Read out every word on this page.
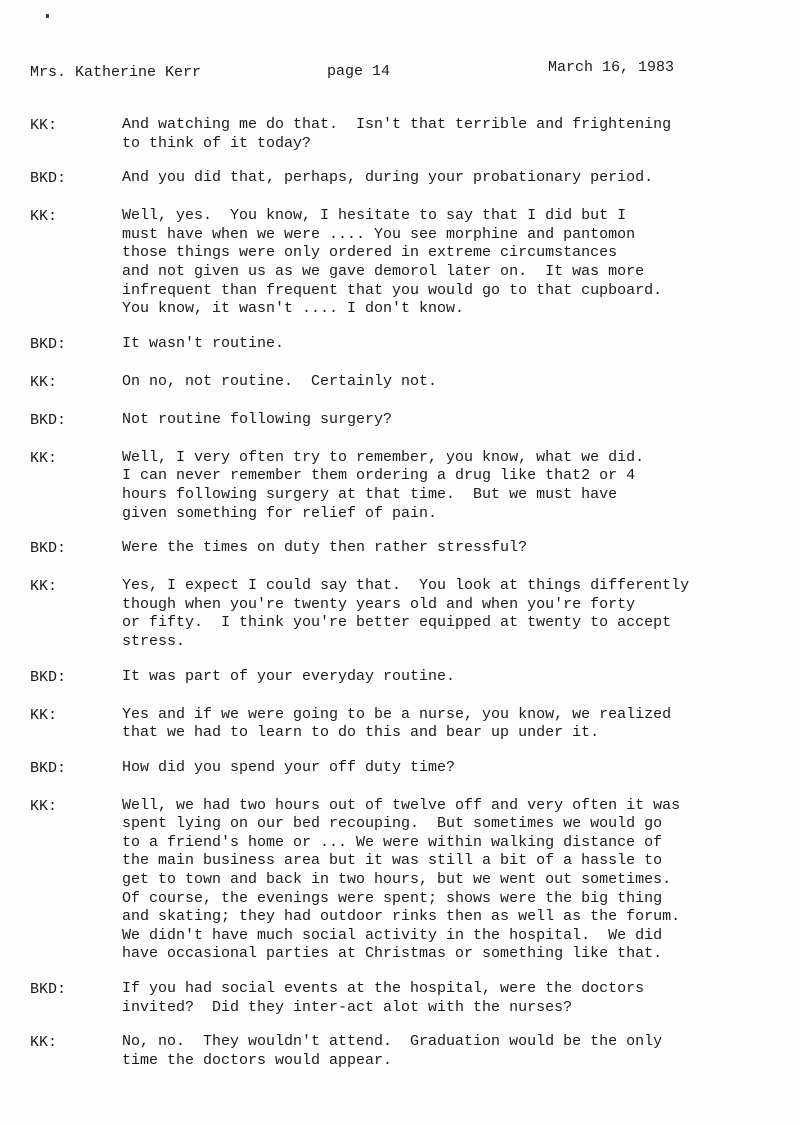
Mrs. Katherine Kerr	page 14	March 16, 1983
KK:	And watching me do that.  Isn't that terrible and frightening
to think of it today?
BKD:	And you did that, perhaps, during your probationary period.
KK:	Well, yes.  You know, I hesitate to say that I did but I
must have when we were .... You see morphine and pantomon
those things were only ordered in extreme circumstances
and not given us as we gave demorol later on.  It was more
infrequent than frequent that you would go to that cupboard.
You know, it wasn't .... I don't know.
BKD:	It wasn't routine.
KK:	On no, not routine.  Certainly not.
BKD:	Not routine following surgery?
KK:	Well, I very often try to remember, you know, what we did.
I can never remember them ordering a drug like that2 or 4
hours following surgery at that time.  But we must have
given something for relief of pain.
BKD:	Were the times on duty then rather stressful?
KK:	Yes, I expect I could say that.  You look at things differently
though when you're twenty years old and when you're forty
or fifty.  I think you're better equipped at twenty to accept
stress.
BKD:	It was part of your everyday routine.
KK:	Yes and if we were going to be a nurse, you know, we realized
that we had to learn to do this and bear up under it.
BKD:	How did you spend your off duty time?
KK:	Well, we had two hours out of twelve off and very often it was
spent lying on our bed recouping.  But sometimes we would go
to a friend's home or ... We were within walking distance of
the main business area but it was still a bit of a hassle to
get to town and back in two hours, but we went out sometimes.
Of course, the evenings were spent; shows were the big thing
and skating; they had outdoor rinks then as well as the forum.
We didn't have much social activity in the hospital.  We did
have occasional parties at Christmas or something like that.
BKD:	If you had social events at the hospital, were the doctors
invited?  Did they inter-act alot with the nurses?
KK:	No, no.  They wouldn't attend.  Graduation would be the only
time the doctors would appear.
